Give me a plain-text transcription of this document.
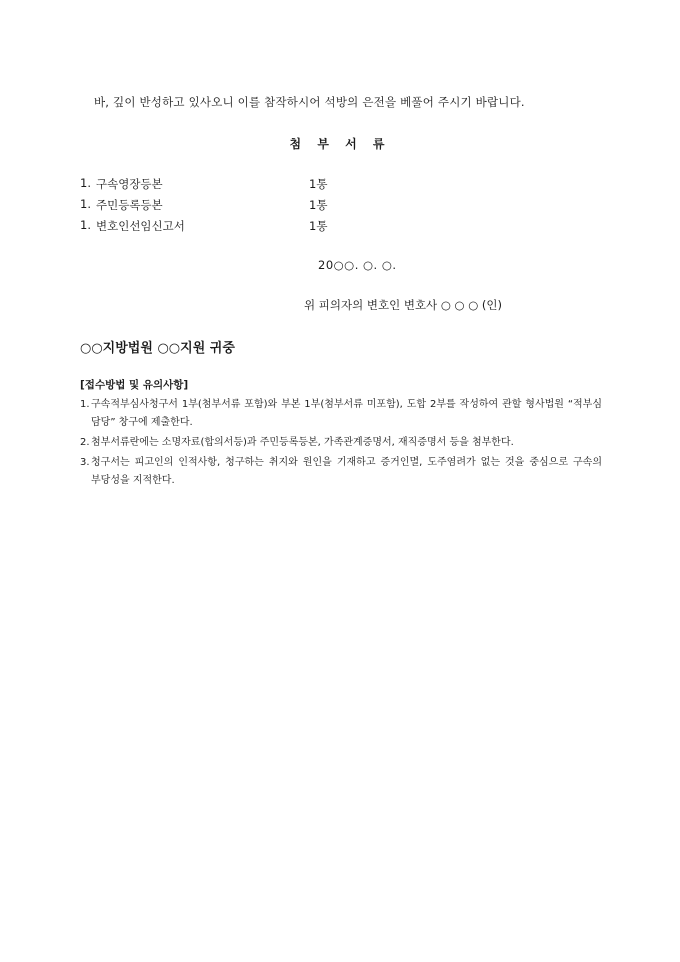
바, 깊이 반성하고 있사오니 이를 참작하시어 석방의 은전을 베풀어 주시기 바랍니다.
첨 부 서 류
1. 구속영장등본	1통
1. 주민등록등본	1통
1. 변호인선임신고서	1통
20○○. ○. ○.
위 피의자의 변호인 변호사 ○ ○ ○ (인)
○○지방법원 ○○지원 귀중
[접수방법 및 유의사항]
1. 구속적부심사청구서 1부(첨부서류 포함)와 부본 1부(첨부서류 미포함), 도합 2부를 작성하여 관할 형사법원 “적부심 담당” 창구에 제출한다.
2. 첨부서류란에는 소명자료(합의서등)과 주민등록등본, 가족관계증명서, 재직증명서 등을 첨부한다.
3. 청구서는 피고인의 인적사항, 청구하는 취지와 원인을 기재하고 증거인멸, 도주염려가 없는 것을 중심으로 구속의 부당성을 지적한다.
